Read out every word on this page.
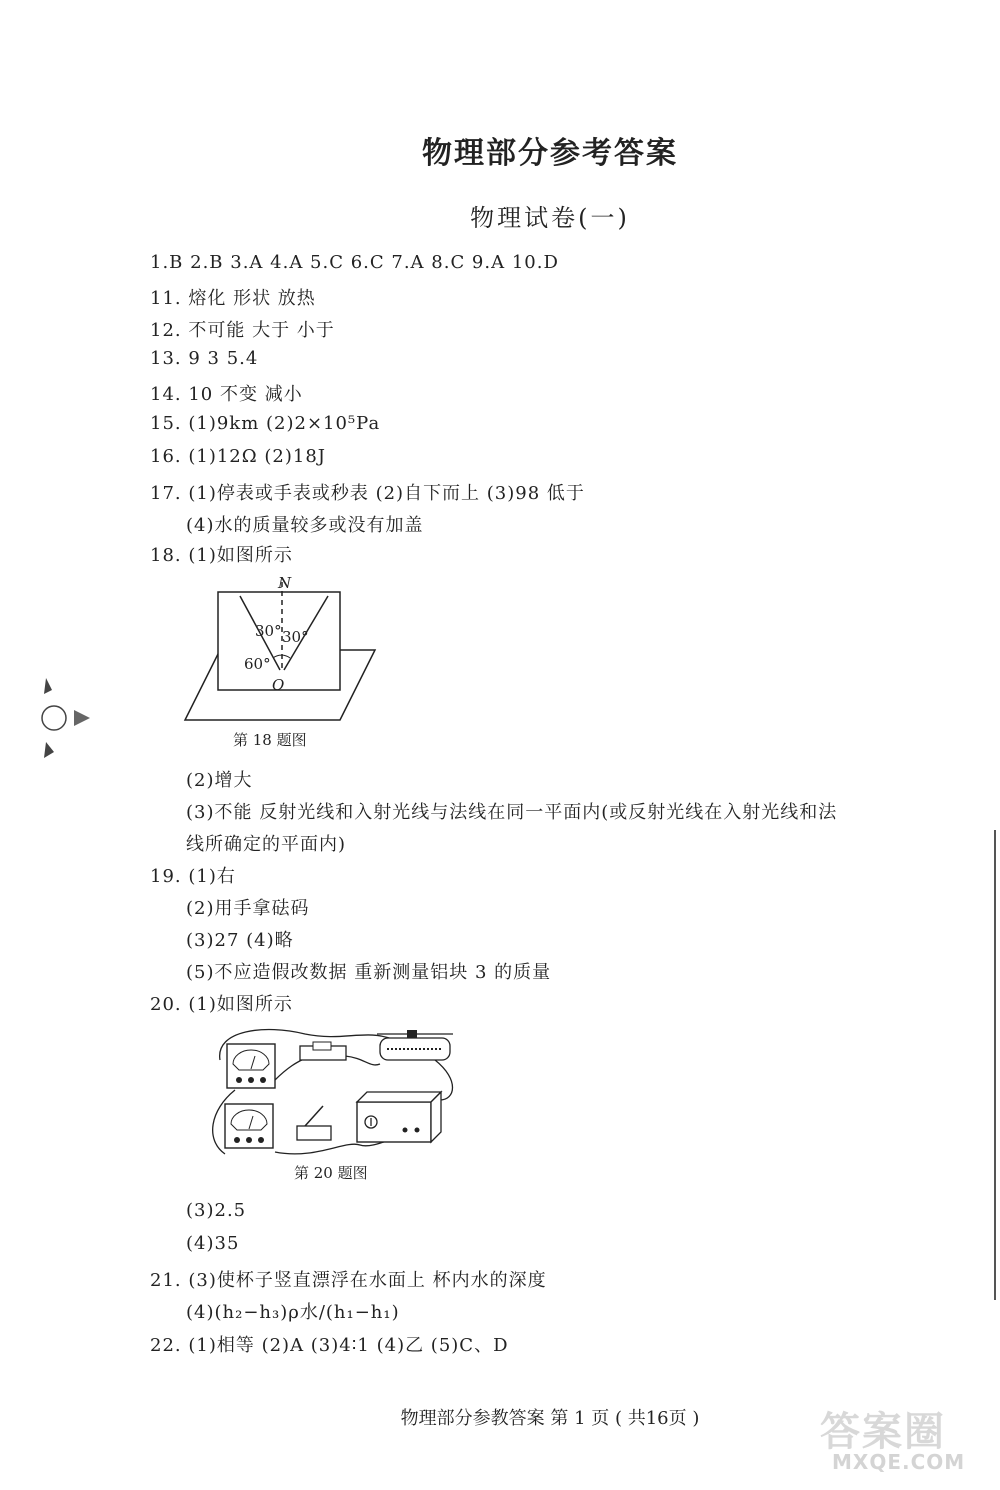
物理部分参考答案
物理试卷(一)
1.B 2.B 3.A 4.A 5.C 6.C 7.A 8.C 9.A 10.D
11. 熔化 形状 放热
12. 不可能 大于 小于
13. 9 3 5.4
14. 10 不变 减小
15. (1)9km (2)2×10⁵Pa
16. (1)12Ω (2)18J
17. (1)停表或手表或秒表 (2)自下而上 (3)98 低于
(4)水的质量较多或没有加盖
18. (1)如图所示
N
30° 30°
60°
O
第 18 题图
(2)增大
(3)不能 反射光线和入射光线与法线在同一平面内(或反射光线在入射光线和法
线所确定的平面内)
19. (1)右
(2)用手拿砝码
(3)27 (4)略
(5)不应造假改数据 重新测量铝块 3 的质量
20. (1)如图所示
第 20 题图
(3)2.5
(4)35
21. (3)使杯子竖直漂浮在水面上 杯内水的深度
(4)(h₂−h₃)ρ水/(h₁−h₁)
22. (1)相等 (2)A (3)4∶1 (4)乙 (5)C、D
物理部分参教答案 第 1 页 ( 共16页 )	答案圈
MXQE.COM
